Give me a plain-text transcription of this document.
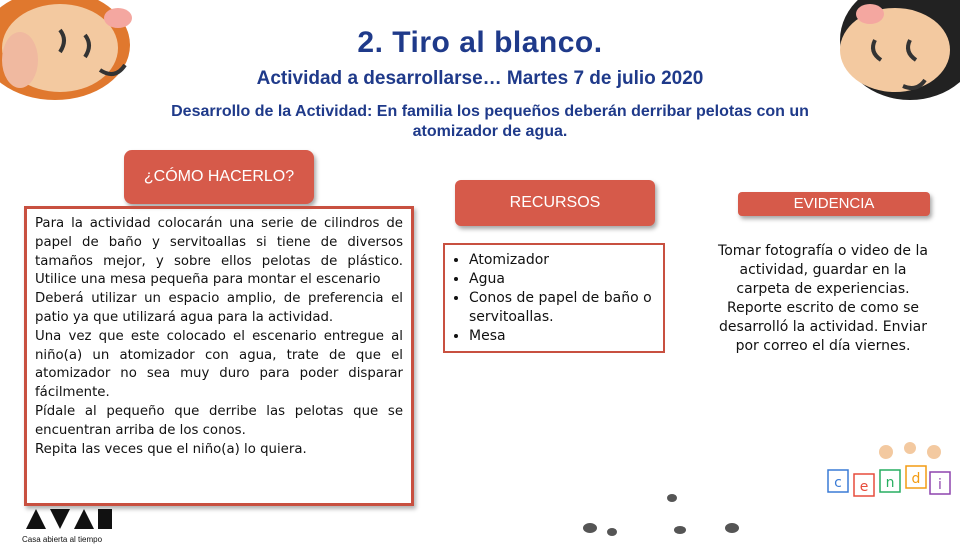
2. Tiro al blanco.
Actividad a desarrollarse… Martes 7 de julio 2020
Desarrollo de la Actividad: En familia los pequeños deberán derribar pelotas con un atomizador de agua.
¿CÓMO HACERLO?

Para la actividad colocarán una serie de cilindros de papel de baño y servitoallas si tiene de diversos tamaños mejor, y sobre ellos pelotas de plástico. Utilice una mesa pequeña para montar el escenario

Deberá utilizar un espacio amplio, de preferencia el patio ya que utilizará agua para la actividad.

Una vez que este colocado el escenario entregue al niño(a) un atomizador con agua, trate de que el atomizador no sea muy duro para poder disparar fácilmente.

Pídale al pequeño que derribe las pelotas que se encuentran arriba de los conos.

Repita las veces que el niño(a) lo quiera.

RECURSOS
• Atomizador
• Agua
• Conos de papel de baño o servitoallas.
• Mesa
EVIDENCIA
Tomar fotografía o video de la actividad, guardar en la carpeta de experiencias. Reporte escrito de como se desarrolló la actividad. Enviar por correo el día viernes.
c e n d i
Casa abierta al tiempo
